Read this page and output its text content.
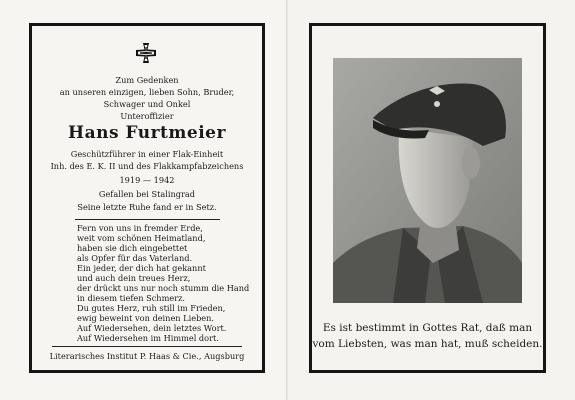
Zum Gedenken
an unseren einzigen, lieben Sohn, Bruder,
Schwager und Onkel
Unteroffizier
Hans Furtmeier
Geschützführer in einer Flak-Einheit
Inh. des E. K. II und des Flakkampfabzeichens
1919 — 1942
Gefallen bei Stalingrad
Seine letzte Ruhe fand er in Setz.
Fern von uns in fremder Erde,
weit vom schönen Heimatland,
haben sie dich eingebettet
als Opfer für das Vaterland.
Ein jeder, der dich hat gekannt
und auch dein treues Herz,
der drückt uns nur noch stumm die Hand
in diesem tiefen Schmerz.
Du gutes Herz, ruh still im Frieden,
ewig beweint von deinen Lieben.
Auf Wiedersehen, dein letztes Wort.
Auf Wiedersehen im Himmel dort.
Literarisches Institut P. Haas & Cie., Augsburg
Es ist bestimmt in Gottes Rat, daß man
vom Liebsten, was man hat, muß scheiden.
